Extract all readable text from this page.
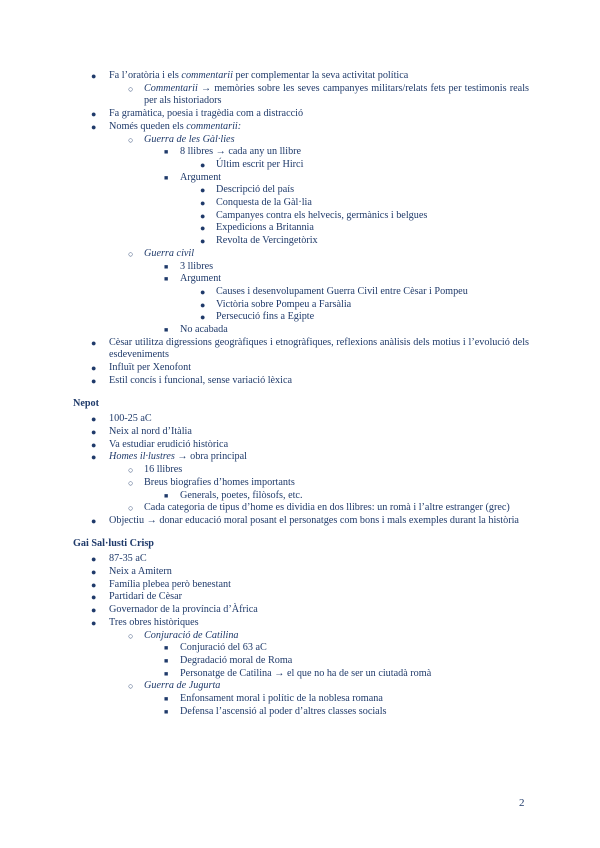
● Fa l’oratòria i els commentarii per complementar la seva activitat política
○ Commentarii → memòries sobre les seves campanyes militars/relats fets per testimonis reals per als historiadors
● Fa gramàtica, poesia i tragèdia com a distracció
● Només queden els commentarii:
○ Guerra de les Gàl·lies
■ 8 llibres → cada any un llibre
● Últim escrit per Hirci
■ Argument
● Descripció del país
● Conquesta de la Gàl·lia
● Campanyes contra els helvecis, germànics i belgues
● Expedicions a Britannia
● Revolta de Vercingetòrix
○ Guerra civil
■ 3 llibres
■ Argument
● Causes i desenvolupament Guerra Civil entre Cèsar i Pompeu
● Victòria sobre Pompeu a Farsàlia
● Persecució fins a Egipte
■ No acabada
● Cèsar utilitza digressions geogràfiques i etnogràfiques, reflexions anàlisis dels motius i l’evolució dels esdeveniments
● Influït per Xenofont
● Estil concís i funcional, sense variació lèxica
Nepot
● 100-25 aC
● Neix al nord d’Itàlia
● Va estudiar erudició històrica
● Homes il·lustres → obra principal
○ 16 llibres
○ Breus biografies d’homes importants
■ Generals, poetes, filòsofs, etc.
○ Cada categoria de tipus d’home es dividia en dos llibres: un romà i l’altre estranger (grec)
● Objectiu → donar educació moral posant el personatges com bons i mals exemples durant la història
Gai Sal·lusti Crisp
● 87-35 aC
● Neix a Amitern
● Família plebea però benestant
● Partidari de Cèsar
● Governador de la província d’Àfrica
● Tres obres històriques
○ Conjuració de Catilina
■ Conjuració del 63 aC
■ Degradació moral de Roma
■ Personatge de Catilina → el que no ha de ser un ciutadà romà
○ Guerra de Jugurta
■ Enfonsament moral i polític de la noblesa romana
■ Defensa l’ascensió al poder d’altres classes socials
2
